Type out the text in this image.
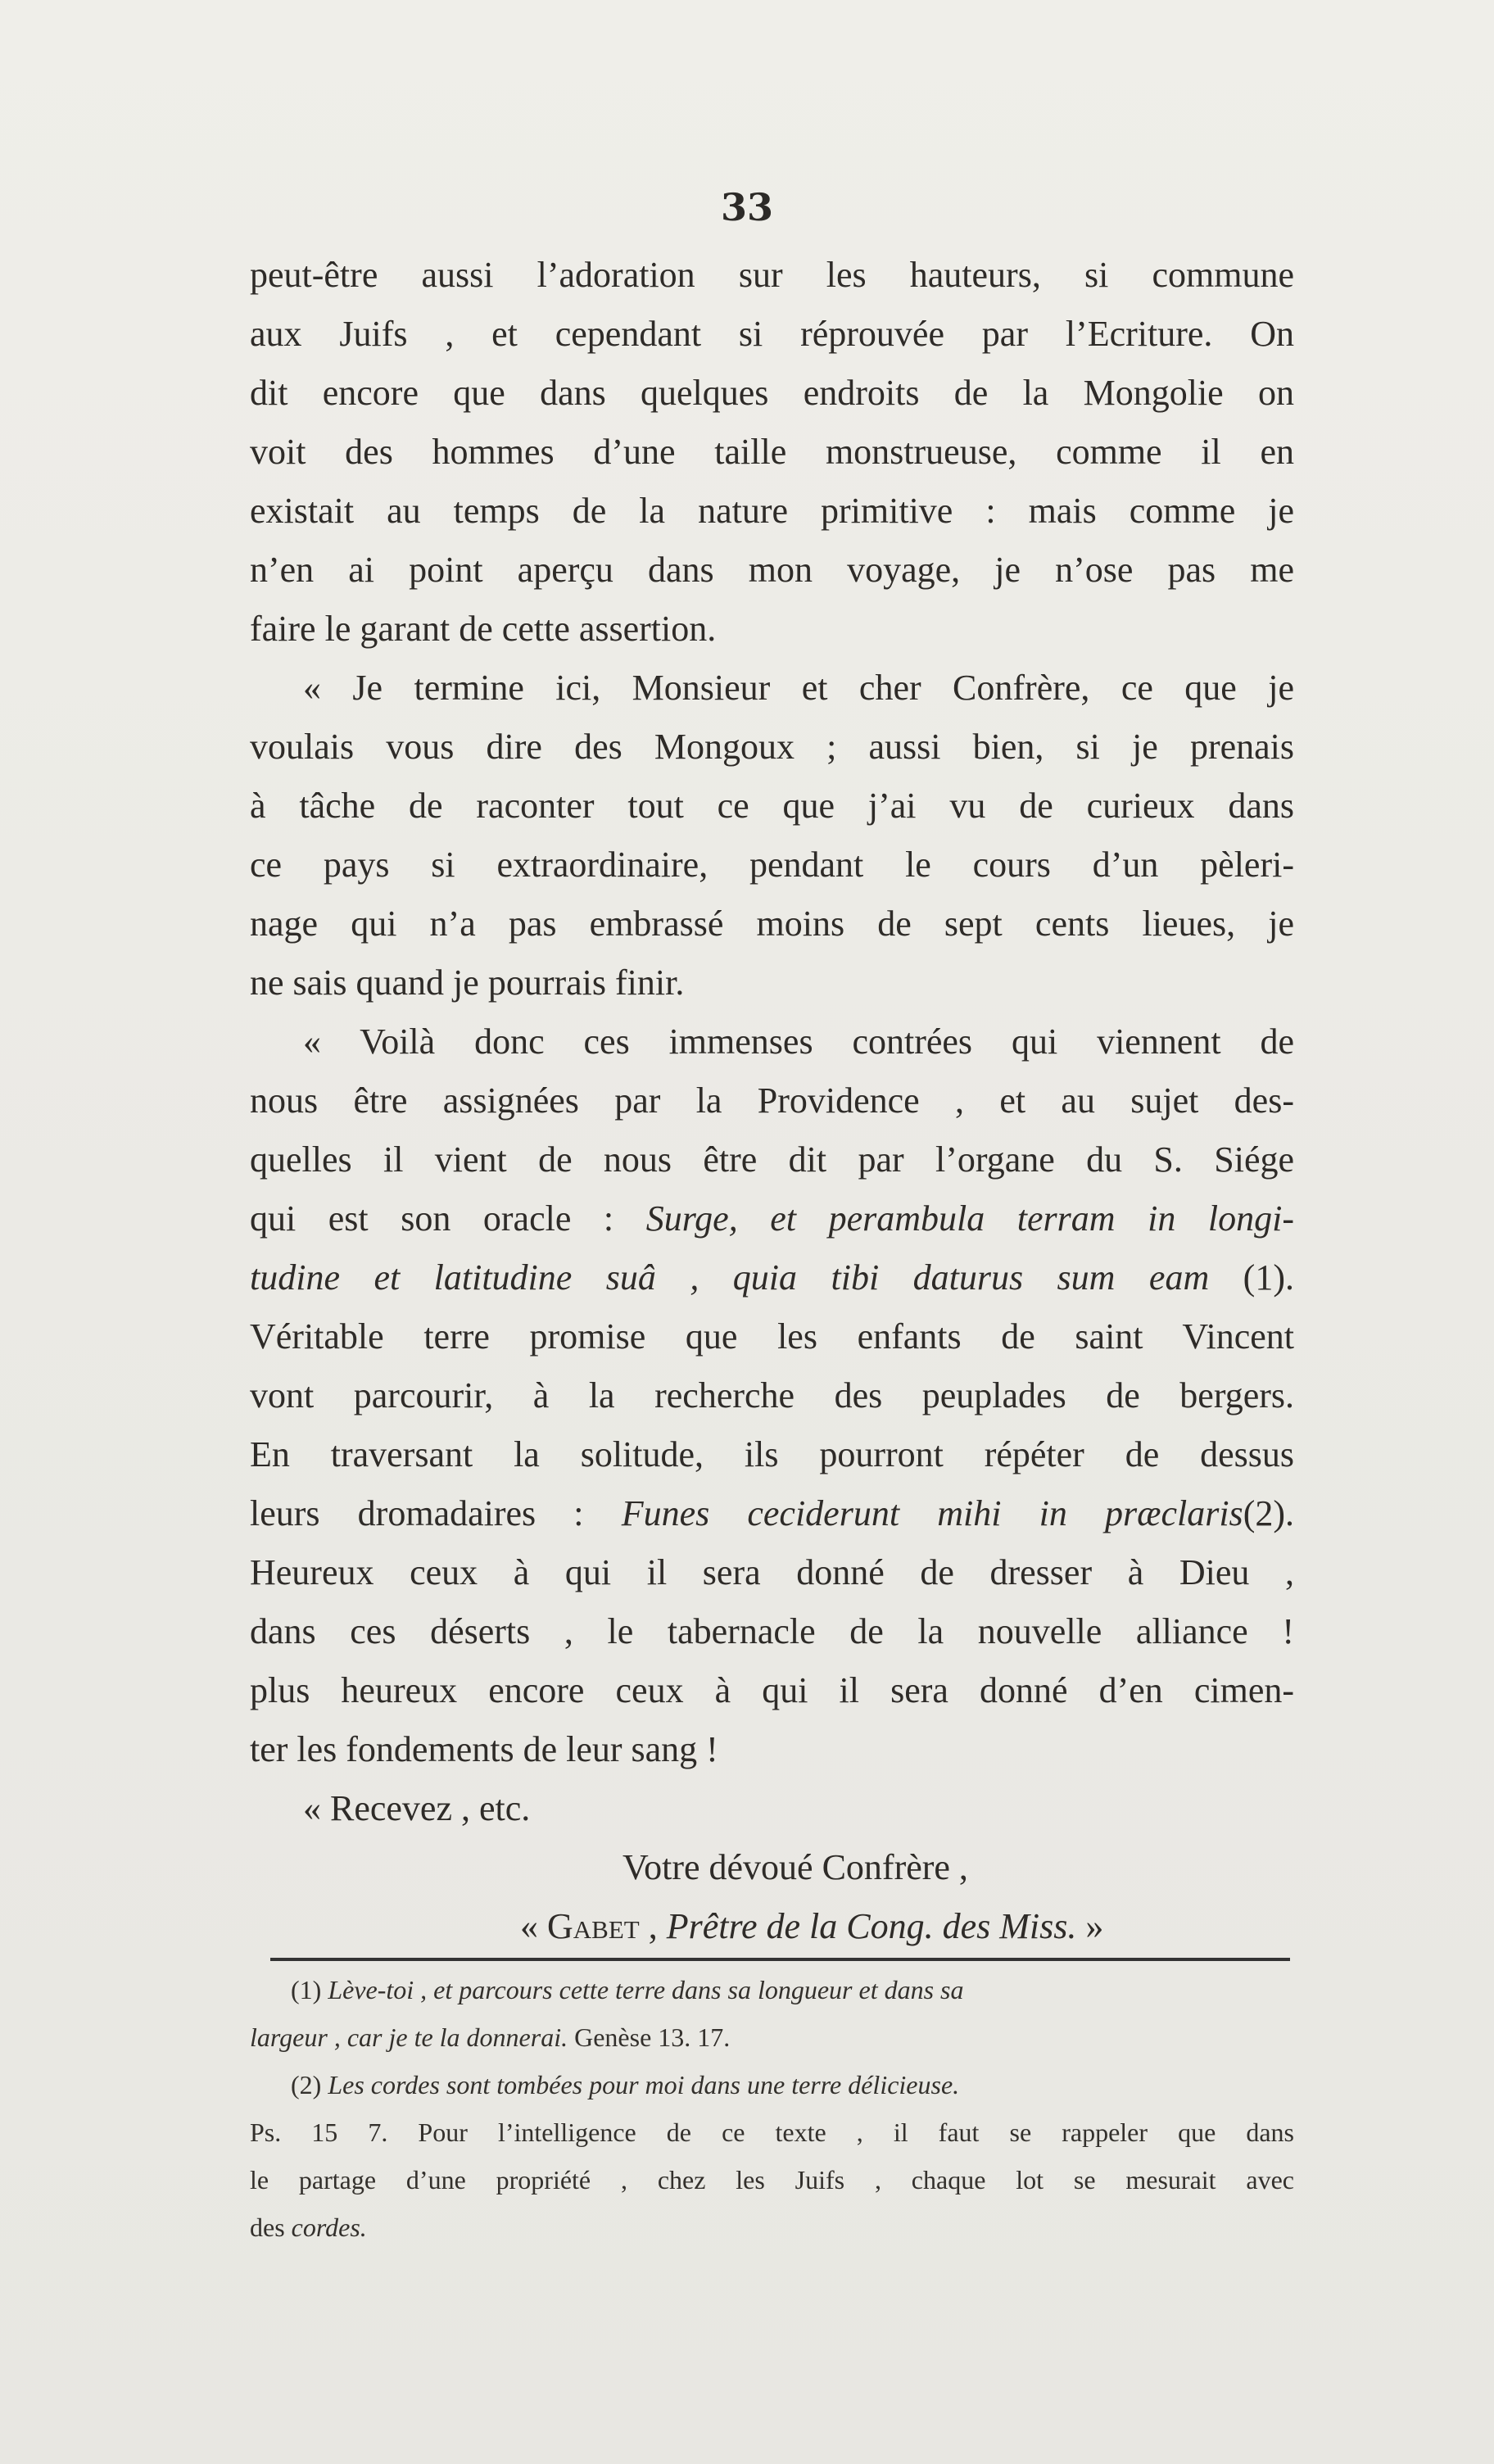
33
peut-être aussi l’adoration sur les hauteurs, si commune
aux Juifs , et cependant si réprouvée par l’Ecriture. On
dit encore que dans quelques endroits de la Mongolie on
voit des hommes d’une taille monstrueuse, comme il en
existait au temps de la nature primitive : mais comme je
n’en ai point aperçu dans mon voyage, je n’ose pas me
faire le garant de cette assertion.
« Je termine ici, Monsieur et cher Confrère, ce que je
voulais vous dire des Mongoux ; aussi bien, si je prenais
à tâche de raconter tout ce que j’ai vu de curieux dans
ce pays si extraordinaire, pendant le cours d’un pèleri-
nage qui n’a pas embrassé moins de sept cents lieues, je
ne sais quand je pourrais finir.
« Voilà donc ces immenses contrées qui viennent de
nous être assignées par la Providence , et au sujet des-
quelles il vient de nous être dit par l’organe du S. Siége
qui est son oracle : Surge, et perambula terram in longi-
tudine et latitudine suâ , quia tibi daturus sum eam (1).
Véritable terre promise que les enfants de saint Vincent
vont parcourir, à la recherche des peuplades de bergers.
En traversant la solitude, ils pourront répéter de dessus
leurs dromadaires : Funes ceciderunt mihi in præclaris(2).
Heureux ceux à qui il sera donné de dresser à Dieu ,
dans ces déserts , le tabernacle de la nouvelle alliance !
plus heureux encore ceux à qui il sera donné d’en cimen-
ter les fondements de leur sang !
« Recevez , etc.
Votre dévoué Confrère ,
« Gabet , Prêtre de la Cong. des Miss. »
(1) Lève-toi , et parcours cette terre dans sa longueur et dans sa
largeur , car je te la donnerai. Genèse 13. 17.
(2) Les cordes sont tombées pour moi dans une terre délicieuse.
Ps. 15 7. Pour l’intelligence de ce texte , il faut se rappeler que dans
le partage d’une propriété , chez les Juifs , chaque lot se mesurait avec
des cordes.
